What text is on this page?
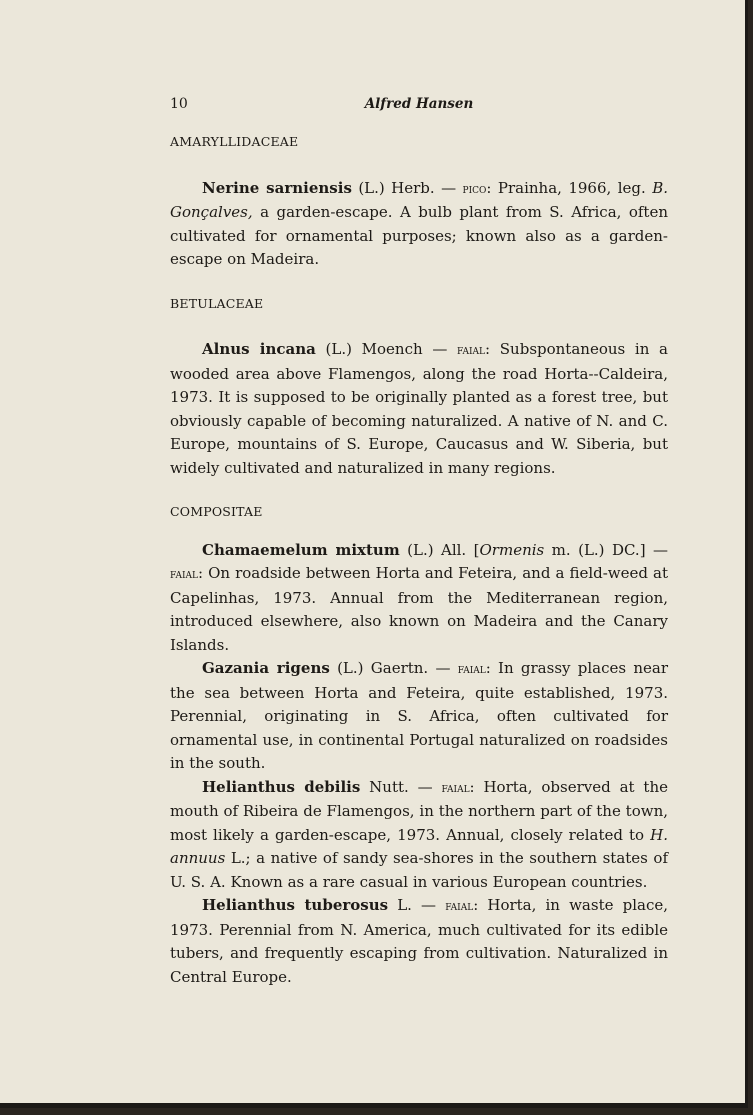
10	Alfred Hansen

AMARYLLIDACEAE

Nerine sarniensis (L.) Herb. — pico: Prainha, 1966, leg. B. Gonçalves, a garden-escape. A bulb plant from S. Africa, often cultivated for ornamental purposes; known also as a garden-escape on Madeira.

BETULACEAE

Alnus incana (L.) Moench — faial: Subspontaneous in a wooded area above Flamengos, along the road Horta--Caldeira, 1973. It is supposed to be originally planted as a forest tree, but obviously capable of becoming naturalized. A native of N. and C. Europe, mountains of S. Europe, Caucasus and W. Siberia, but widely cultivated and naturalized in many regions.

COMPOSITAE

Chamaemelum mixtum (L.) All. [Ormenis m. (L.) DC.] — faial: On roadside between Horta and Feteira, and a field-weed at Capelinhas, 1973. Annual from the Mediterranean region, introduced elsewhere, also known on Madeira and the Canary Islands.

Gazania rigens (L.) Gaertn. — faial: In grassy places near the sea between Horta and Feteira, quite established, 1973. Perennial, originating in S. Africa, often cultivated for ornamental use, in continental Portugal naturalized on roadsides in the south.

Helianthus debilis Nutt. — faial: Horta, observed at the mouth of Ribeira de Flamengos, in the northern part of the town, most likely a garden-escape, 1973. Annual, closely related to H. annuus L.; a native of sandy sea-shores in the southern states of U. S. A. Known as a rare casual in various European countries.

Helianthus tuberosus L. — faial: Horta, in waste place, 1973. Perennial from N. America, much cultivated for its edible tubers, and frequently escaping from cultivation. Naturalized in Central Europe.
